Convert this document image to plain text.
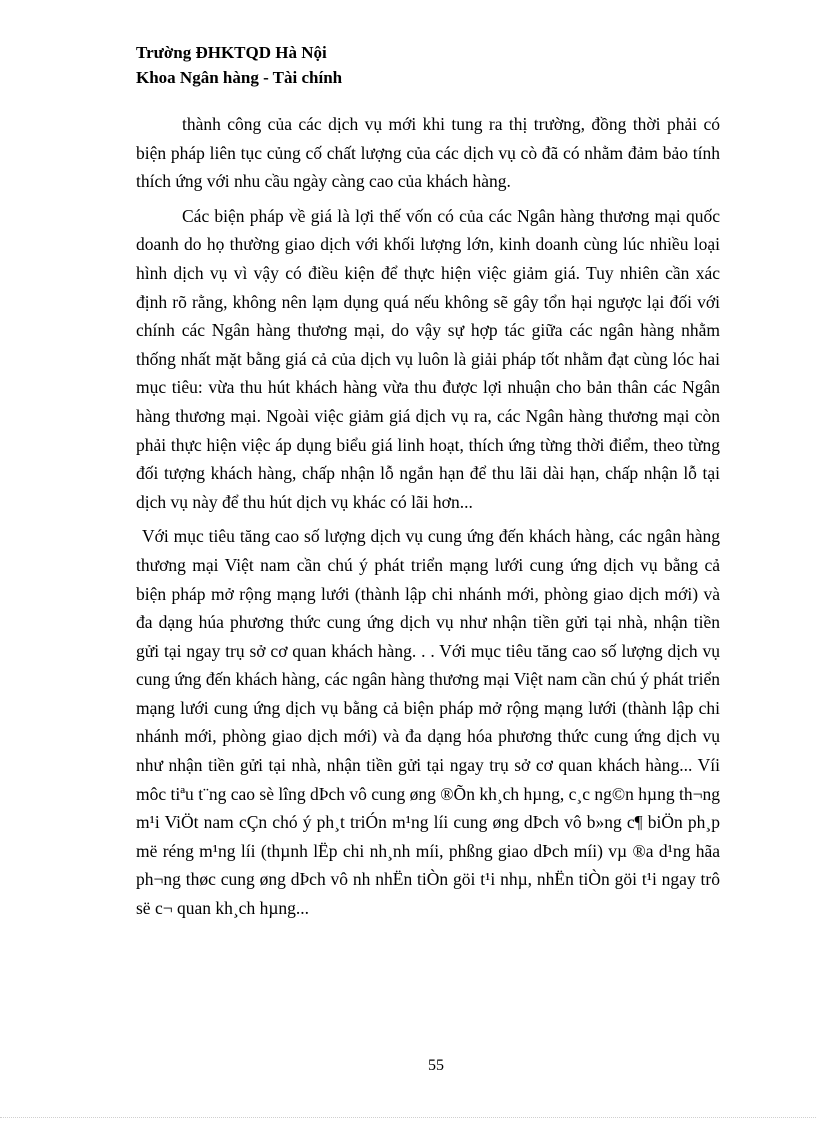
Trường ĐHKTQD Hà Nội
Khoa Ngân hàng - Tài chính

thành công của các dịch vụ mới khi tung ra thị trường, đồng thời phải có biện pháp liên tục củng cố chất lượng của các dịch vụ cò đã có nhằm đảm bảo tính thích ứng với nhu cầu ngày càng cao của khách hàng.

Các biện pháp về giá là lợi thế vốn có của các Ngân hàng thương mại quốc doanh do họ thường giao dịch với khối lượng lớn, kinh doanh cùng lúc nhiều loại hình dịch vụ vì vậy có điều kiện để thực hiện việc giảm giá. Tuy nhiên cần xác định rõ rằng, không nên lạm dụng quá nếu không sẽ gây tổn hại ngược lại đối với chính các Ngân hàng thương mại, do vậy sự hợp tác giữa các ngân hàng nhằm thống nhất mặt bằng giá cả của dịch vụ luôn là giải pháp tốt nhằm đạt cùng lóc hai mục tiêu: vừa thu hút khách hàng vừa thu được lợi nhuận cho bản thân các Ngân hàng thương mại. Ngoài việc giảm giá dịch vụ ra, các Ngân hàng thương mại còn phải thực hiện việc áp dụng biểu giá linh hoạt, thích ứng từng thời điểm, theo từng đối tượng khách hàng, chấp nhận lỗ ngắn hạn để thu lãi dài hạn, chấp nhận lỗ tại dịch vụ này để thu hút dịch vụ khác có lãi hơn...

Với mục tiêu tăng cao số lượng dịch vụ cung ứng đến khách hàng, các ngân hàng thương mại Việt nam cần chú ý phát triển mạng lưới cung ứng dịch vụ bằng cả biện pháp mở rộng mạng lưới (thành lập chi nhánh mới, phòng giao dịch mới) và đa dạng húa phương thức cung ứng dịch vụ như nhận tiền gửi tại nhà, nhận tiền gửi tại ngay trụ sở cơ quan khách hàng. . . Với mục tiêu tăng cao số lượng dịch vụ cung ứng đến khách hàng, các ngân hàng thương mại Việt nam cần chú ý phát triển mạng lưới cung ứng dịch vụ bằng cả biện pháp mở rộng mạng lưới (thành lập chi nhánh mới, phòng giao dịch mới) và đa dạng hóa phương thức cung ứng dịch vụ như nhận tiền gửi tại nhà, nhận tiền gửi tại ngay trụ sở cơ quan khách hàng... Víi môc tiªu t¨ng cao sè lîng dÞch vô cung øng ®Õn kh¸ch hµng, c¸c ng©n hµng th¬ng m¹i ViÖt nam cÇn chó ý ph¸t triÓn m¹ng líi cung øng dÞch vô b»ng c¶ biÖn ph¸p më réng m¹ng líi (thµnh lËp chi nh¸nh míi, phßng giao dÞch míi) vµ ®a d¹ng hãa ph¬ng thøc cung øng dÞch vô nh nhËn tiÒn göi t¹i nhµ, nhËn tiÒn göi t¹i ngay trô së c¬ quan kh¸ch hµng...

55
